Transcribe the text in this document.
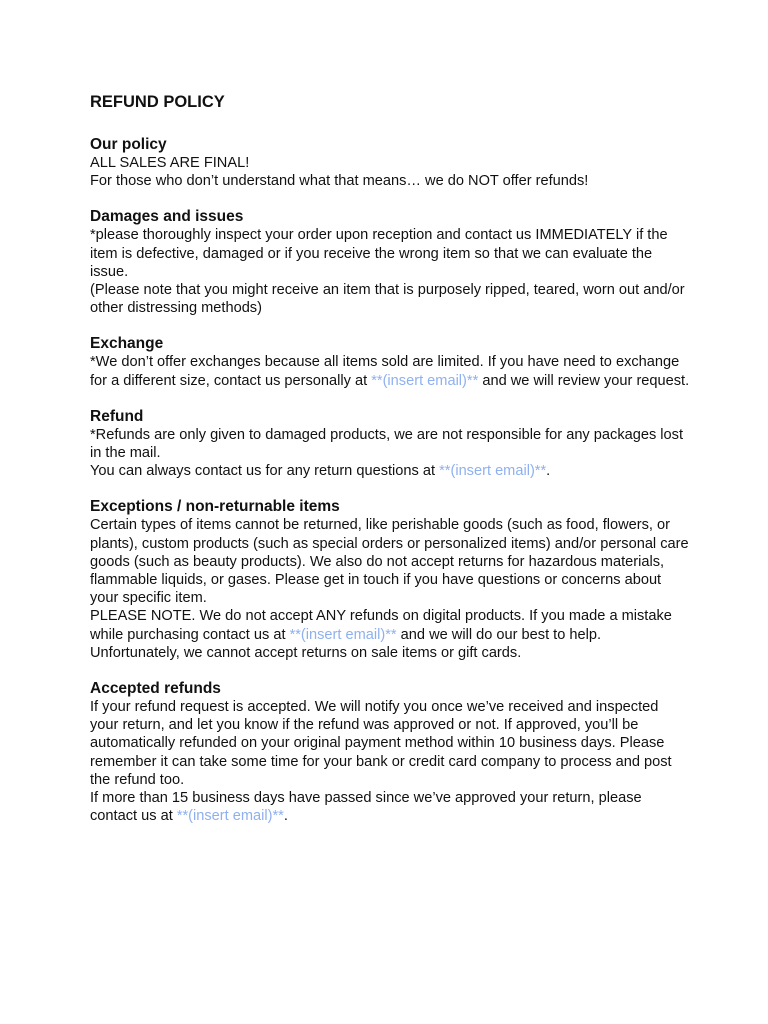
REFUND POLICY
Our policy

ALL SALES ARE FINAL!

For those who don’t understand what that means… we do NOT offer refunds!

Damages and issues

*please thoroughly inspect your order upon reception and contact us IMMEDIATELY if the item is defective, damaged or if you receive the wrong item so that we can evaluate the issue.

(Please note that you might receive an item that is purposely ripped, teared, worn out and/or other distressing methods)

Exchange

*We don’t offer exchanges because all items sold are limited. If you have need to exchange for a different size, contact us personally at **(insert email)** and we will review your request.

Refund

*Refunds are only given to damaged products, we are not responsible for any packages lost in the mail.

You can always contact us for any return questions at **(insert email)**.

Exceptions / non-returnable items

Certain types of items cannot be returned, like perishable goods (such as food, flowers, or plants), custom products (such as special orders or personalized items) and/or personal care goods (such as beauty products). We also do not accept returns for hazardous materials, flammable liquids, or gases. Please get in touch if you have questions or concerns about your specific item.

PLEASE NOTE. We do not accept ANY refunds on digital products. If you made a mistake while purchasing contact us at **(insert email)** and we will do our best to help.

Unfortunately, we cannot accept returns on sale items or gift cards.

Accepted refunds

If your refund request is accepted. We will notify you once we’ve received and inspected your return, and let you know if the refund was approved or not. If approved, you’ll be automatically refunded on your original payment method within 10 business days. Please remember it can take some time for your bank or credit card company to process and post the refund too.

If more than 15 business days have passed since we’ve approved your return, please contact us at **(insert email)**.
